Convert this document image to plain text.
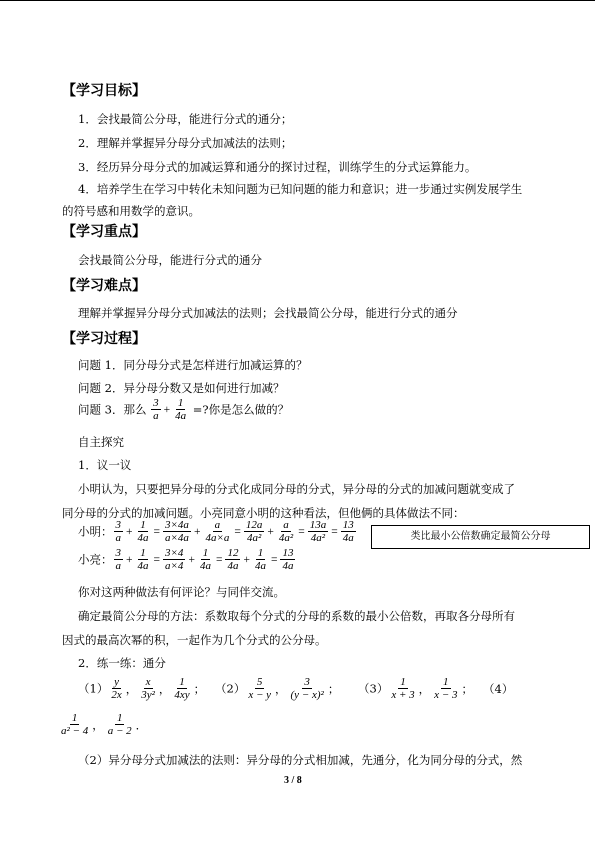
【学习目标】
1．会找最简公分母，能进行分式的通分；
2．理解并掌握异分母分式加减法的法则；
3．经历异分母分式的加减运算和通分的探讨过程，训练学生的分式运算能力。
4．培养学生在学习中转化未知问题为已知问题的能力和意识；进一步通过实例发展学生
的符号感和用数学的意识。
【学习重点】
会找最简公分母，能进行分式的通分
【学习难点】
理解并掌握异分母分式加减法的法则；会找最简公分母，能进行分式的通分
【学习过程】
问题 1．同分母分式是怎样进行加减运算的？
问题 2．异分母分数又是如何进行加减？
问题 3．那么 $\frac{3}{a} + \frac{1}{4a}$ =?你是怎么做的？
自主探究
1．议一议
小明认为，只要把异分母的分式化成同分母的分式，异分母的分式的加减问题就变成了
同分母的分式的加减问题。小亮同意小明的这种看法，但他俩的具体做法不同：
小明： $\frac{3}{a} + \frac{1}{4a} = \frac{3\times 4a}{a\times 4a} + \frac{a}{4a\times a} = \frac{12a}{\text{4a²}} + \frac{a}{\text{4a²}} = \frac{13a}{\text{4a²}} = \frac{13}{4a}$	类比最小公倍数确定最简公分母
小亮： $\frac{3}{a} + \frac{1}{4a} = \frac{3\times 4}{a\times 4} + \frac{1}{4a} = \frac{12}{4a} + \frac{1}{4a} = \frac{13}{4a}$
你对这两种做法有何评论？与同伴交流。
确定最简公分母的方法：系数取每个分式的分母的系数的最小公倍数，再取各分母所有
因式的最高次幂的积，一起作为几个分式的公分母。
2．练一练：通分
$(1) \frac{y}{2x}$ ， $\frac{x}{\text{3y²}}$ ， $\frac{1}{4xy}$ ； $(2) \frac{5}{x - y}$ ， $\frac{3}{\text{(y − x)²}}$ ； $(3) \frac{1}{x + 3}$ ， $\frac{1}{x - 3}$ ； （4）
$\frac{1}{\text{a² − 4}}$ ， $\frac{1}{a - 2}$ ．
（2）异分母分式加减法的法则：异分母的分式相加减，先通分，化为同分母的分式，然
3 / 8
